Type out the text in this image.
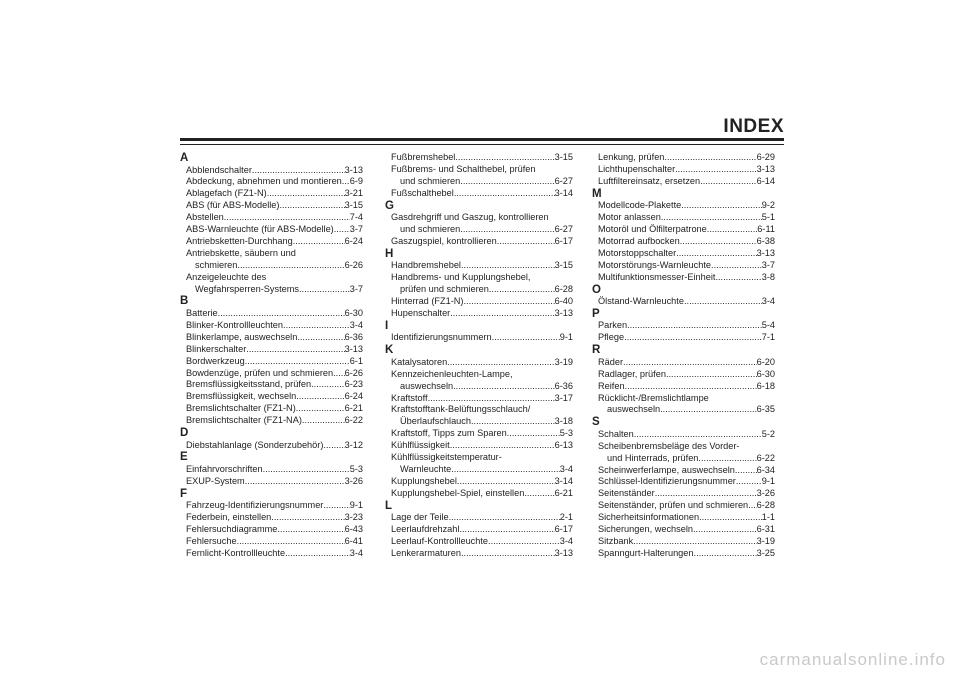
INDEX
A
Abblendschalter .....	3-13
Abdeckung, abnehmen und montieren ..... 6-9
Ablagefach (FZ1-N) .....	3-21
ABS (für ABS-Modelle) .....	3-15
Abstellen .....	7-4
ABS-Warnleuchte (für ABS-Modelle) ..... 3-7
Antriebsketten-Durchhang .....	6-24
Antriebskette, säubern und
schmieren .....	6-26
Anzeigeleuchte des
Wegfahrsperren-Systems .....	3-7
B
Batterie .....	6-30
Blinker-Kontrollleuchten .....	3-4
Blinkerlampe, auswechseln .....	6-36
Blinkerschalter .....	3-13
Bordwerkzeug .....	6-1
Bowdenzüge, prüfen und schmieren ..... 6-26
Bremsflüssigkeitsstand, prüfen .....	6-23
Bremsflüssigkeit, wechseln .....	6-24
Bremslichtschalter (FZ1-N) .....	6-21
Bremslichtschalter (FZ1-NA) .....	6-22
D
Diebstahlanlage (Sonderzubehör) ..... 3-12
E
Einfahrvorschriften .....	5-3
EXUP-System .....	3-26
F
Fahrzeug-Identifizierungsnummer .....	9-1
Federbein, einstellen .....	3-23
Fehlersuchdiagramme .....	6-43
Fehlersuche .....	6-41
Fernlicht-Kontrollleuchte .....	3-4
Fußbremshebel .....	3-15
Fußbrems- und Schalthebel, prüfen
und schmieren .....	6-27
Fußschalthebel .....	3-14
G
Gasdrehgriff und Gaszug, kontrollieren
und schmieren .....	6-27
Gaszugspiel, kontrollieren .....	6-17
H
Handbremshebel .....	3-15
Handbrems- und Kupplungshebel,
prüfen und schmieren .....	6-28
Hinterrad (FZ1-N) .....	6-40
Hupenschalter .....	3-13
I
Identifizierungsnummern .....	9-1
K
Katalysatoren .....	3-19
Kennzeichenleuchten-Lampe,
auswechseln .....	6-36
Kraftstoff .....	3-17
Kraftstofftank-Belüftungsschlauch/
Überlaufschlauch .....	3-18
Kraftstoff, Tipps zum Sparen .....	5-3
Kühlflüssigkeit .....	6-13
Kühlflüssigkeitstemperatur-
Warnleuchte .....	3-4
Kupplungshebel .....	3-14
Kupplungshebel-Spiel, einstellen .....	6-21
L
Lage der Teile .....	2-1
Leerlaufdrehzahl .....	6-17
Leerlauf-Kontrollleuchte .....	3-4
Lenkerarmaturen .....	3-13
Lenkung, prüfen .....	6-29
Lichthupenschalter .....	3-13
Luftfiltereinsatz, ersetzen .....	6-14
M
Modellcode-Plakette .....	9-2
Motor anlassen .....	5-1
Motoröl und Ölfilterpatrone .....	6-11
Motorrad aufbocken .....	6-38
Motorstoppschalter .....	3-13
Motorstörungs-Warnleuchte .....	3-7
Multifunktionsmesser-Einheit .....	3-8
O
Ölstand-Warnleuchte .....	3-4
P
Parken .....	5-4
Pflege .....	7-1
R
Räder .....	6-20
Radlager, prüfen .....	6-30
Reifen .....	6-18
Rücklicht-/Bremslichtlampe
auswechseln .....	6-35
S
Schalten .....	5-2
Scheibenbremsbeläge des Vorder-
und Hinterrads, prüfen .....	6-22
Scheinwerferlampe, auswechseln ..... 6-34
Schlüssel-Identifizierungsnummer .....	9-1
Seitenständer .....	3-26
Seitenständer, prüfen und schmieren ..... 6-28
Sicherheitsinformationen .....	1-1
Sicherungen, wechseln .....	6-31
Sitzbank .....	3-19
Spanngurt-Halterungen .....	3-25
carmanualsonline.info
